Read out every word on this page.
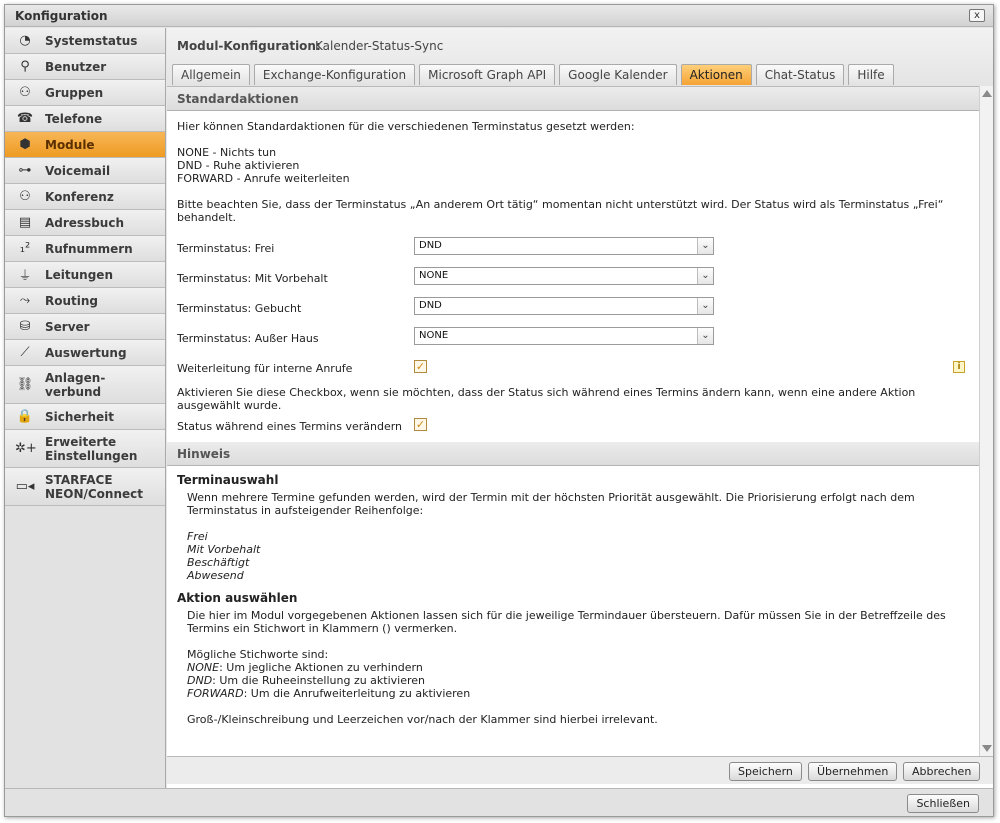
Konfiguration	x
◔	Systemstatus
⚲	Benutzer
⚇	Gruppen
☎ Telefone
⬢	Module
⊶ Voicemail
⚇	Konferenz
▤	Adressbuch
₁²	Rufnummern
⏚ Leitungen
⤳	Routing
⛁	Server
⟋	Auswertung
⛓ Anlagen-
verbund
🔒 Sicherheit
✲+ Erweiterte
Einstellungen
▭◂ STARFACE
NEON/Connect
Modul-Konfiguration:
Kalender-Status-Sync
Allgemein	Exchange-Konfiguration	Microsoft Graph API	Google Kalender	Aktionen	Chat-Status	Hilfe
Standardaktionen
Hier können Standardaktionen für die verschiedenen Terminstatus gesetzt werden:
NONE - Nichts tun
DND - Ruhe aktivieren
FORWARD - Anrufe weiterleiten
Bitte beachten Sie, dass der Terminstatus „An anderem Ort tätig“ momentan nicht unterstützt wird. Der Status wird als Terminstatus „Frei“ behandelt.
Terminstatus: Frei	DND	⌄
Terminstatus: Mit Vorbehalt	NONE	⌄
Terminstatus: Gebucht	DND	⌄
Terminstatus: Außer Haus	NONE	⌄
Weiterleitung für interne Anrufe	✓	i
Aktivieren Sie diese Checkbox, wenn sie möchten, dass der Status sich während eines Termins ändern kann, wenn eine andere Aktion ausgewählt wurde.
Status während eines Termins verändern ✓
Hinweis
Terminauswahl
Wenn mehrere Termine gefunden werden, wird der Termin mit der höchsten Priorität ausgewählt. Die Priorisierung erfolgt nach dem Terminstatus in aufsteigender Reihenfolge:
Frei
Mit Vorbehalt
Beschäftigt
Abwesend
Aktion auswählen
Die hier im Modul vorgegebenen Aktionen lassen sich für die jeweilige Termindauer übersteuern. Dafür müssen Sie in der Betreffzeile des Termins ein Stichwort in Klammern () vermerken.
Mögliche Stichworte sind:
NONE: Um jegliche Aktionen zu verhindern
DND: Um die Ruheeinstellung zu aktivieren
FORWARD: Um die Anrufweiterleitung zu aktivieren
Groß-/Kleinschreibung und Leerzeichen vor/nach der Klammer sind hierbei irrelevant.
Speichern	Übernehmen	Abbrechen
Schließen
